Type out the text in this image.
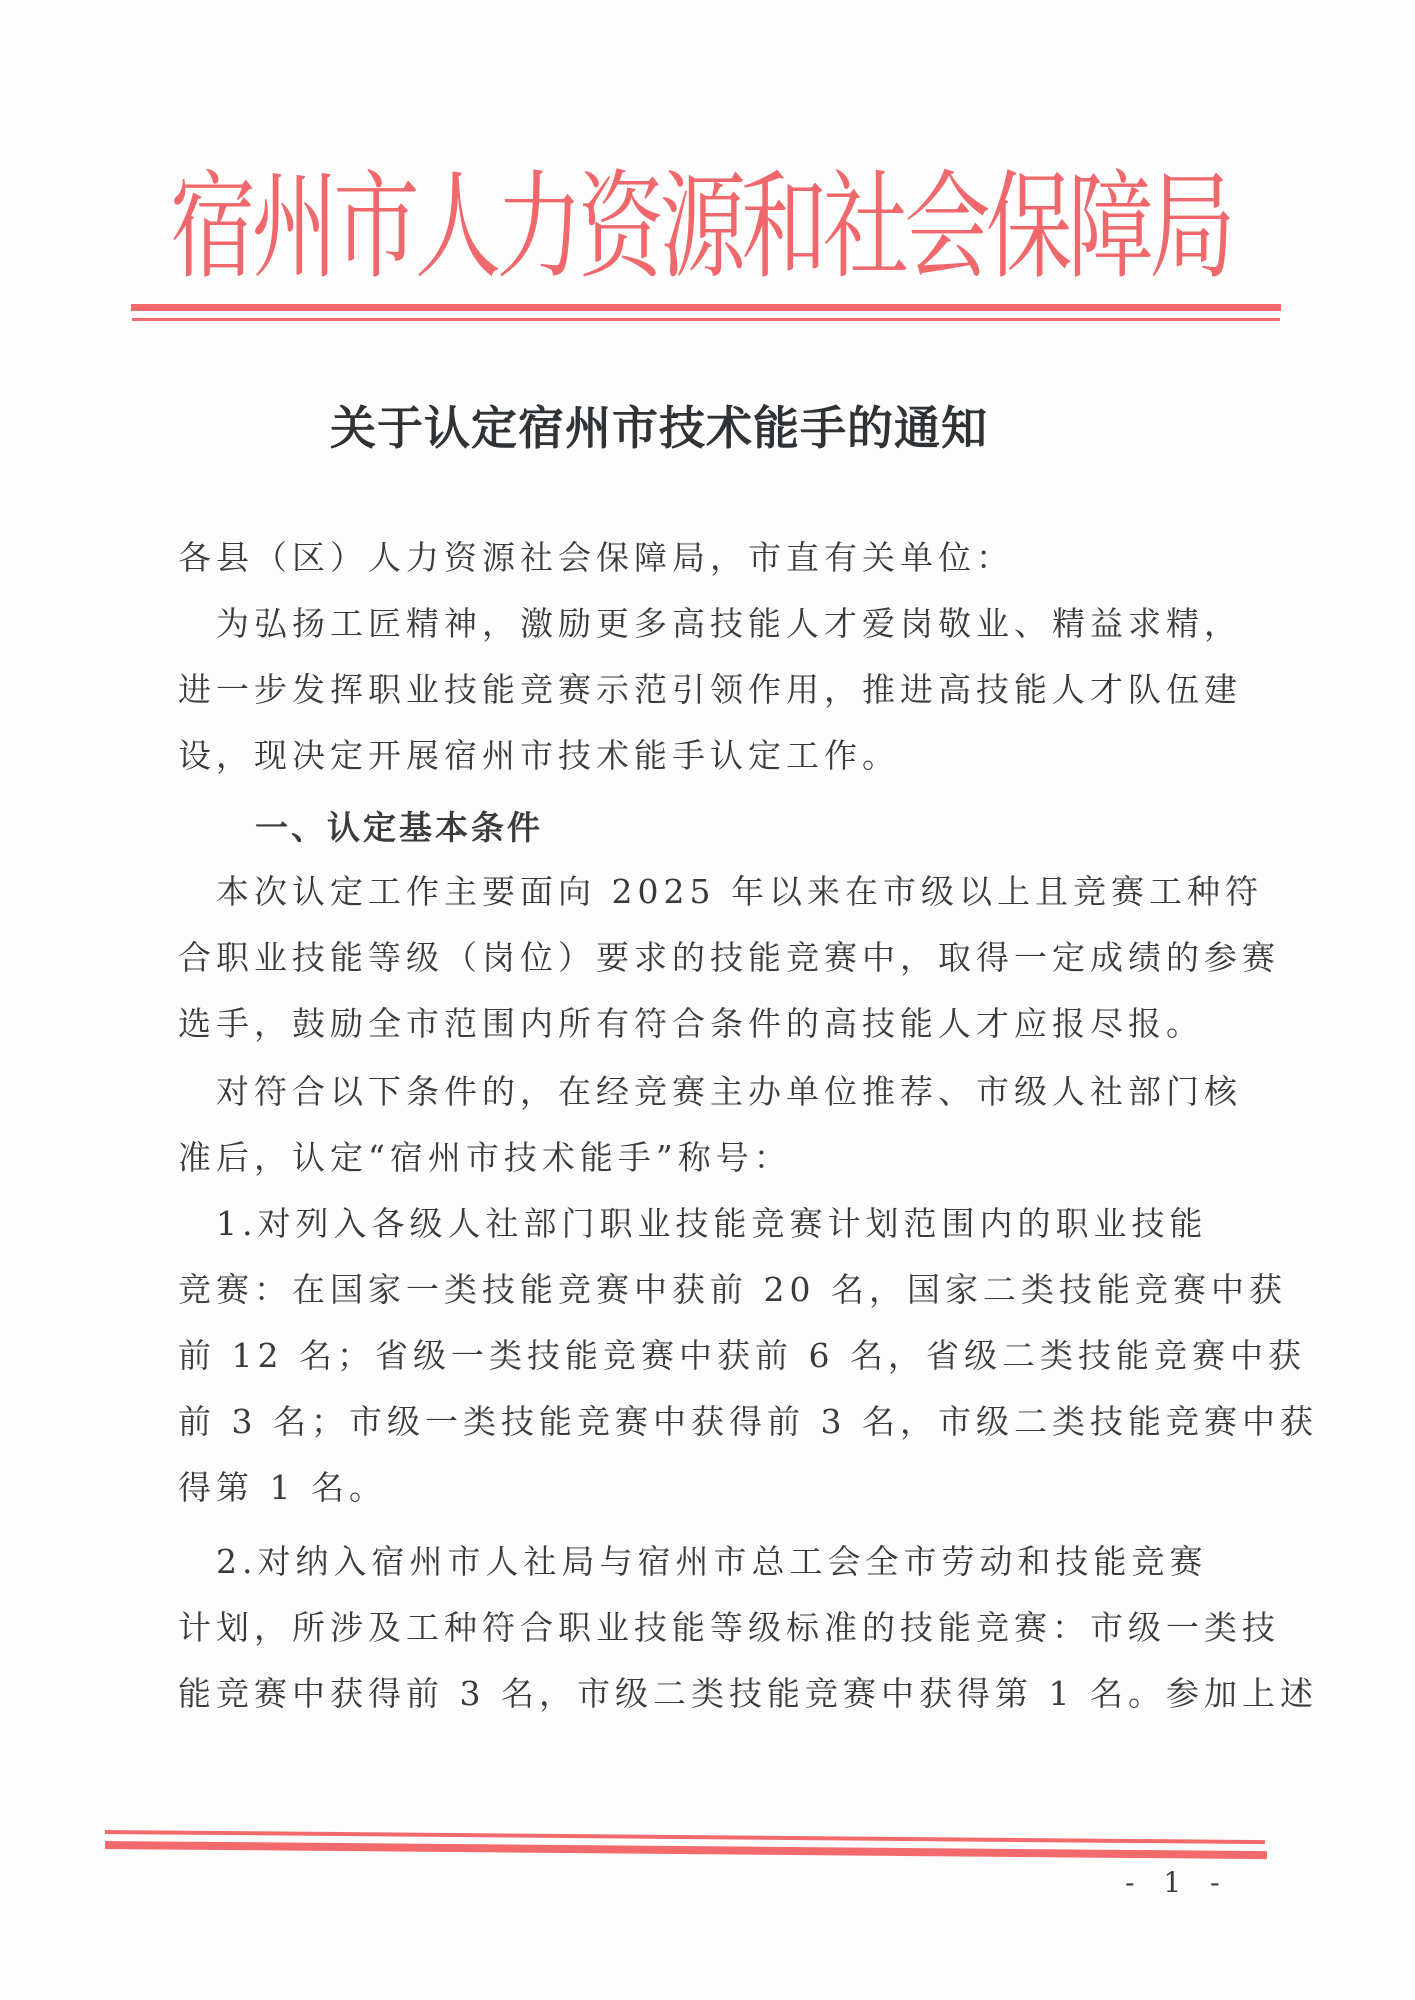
宿州市人力资源和社会保障局
关于认定宿州市技术能手的通知
各县（区）人力资源社会保障局，市直有关单位：
　为弘扬工匠精神，激励更多高技能人才爱岗敬业、精益求精，
进一步发挥职业技能竞赛示范引领作用，推进高技能人才队伍建
设，现决定开展宿州市技术能手认定工作。
一、认定基本条件
　本次认定工作主要面向 2025 年以来在市级以上且竞赛工种符
合职业技能等级（岗位）要求的技能竞赛中，取得一定成绩的参赛
选手，鼓励全市范围内所有符合条件的高技能人才应报尽报。
　对符合以下条件的，在经竞赛主办单位推荐、市级人社部门核
准后，认定“宿州市技术能手”称号：
　1.对列入各级人社部门职业技能竞赛计划范围内的职业技能
竞赛：在国家一类技能竞赛中获前 20 名，国家二类技能竞赛中获
前 12 名；省级一类技能竞赛中获前 6 名，省级二类技能竞赛中获
前 3 名；市级一类技能竞赛中获得前 3 名，市级二类技能竞赛中获
得第 1 名。
　2.对纳入宿州市人社局与宿州市总工会全市劳动和技能竞赛
计划，所涉及工种符合职业技能等级标准的技能竞赛：市级一类技
能竞赛中获得前 3 名，市级二类技能竞赛中获得第 1 名。参加上述
- 1 -
